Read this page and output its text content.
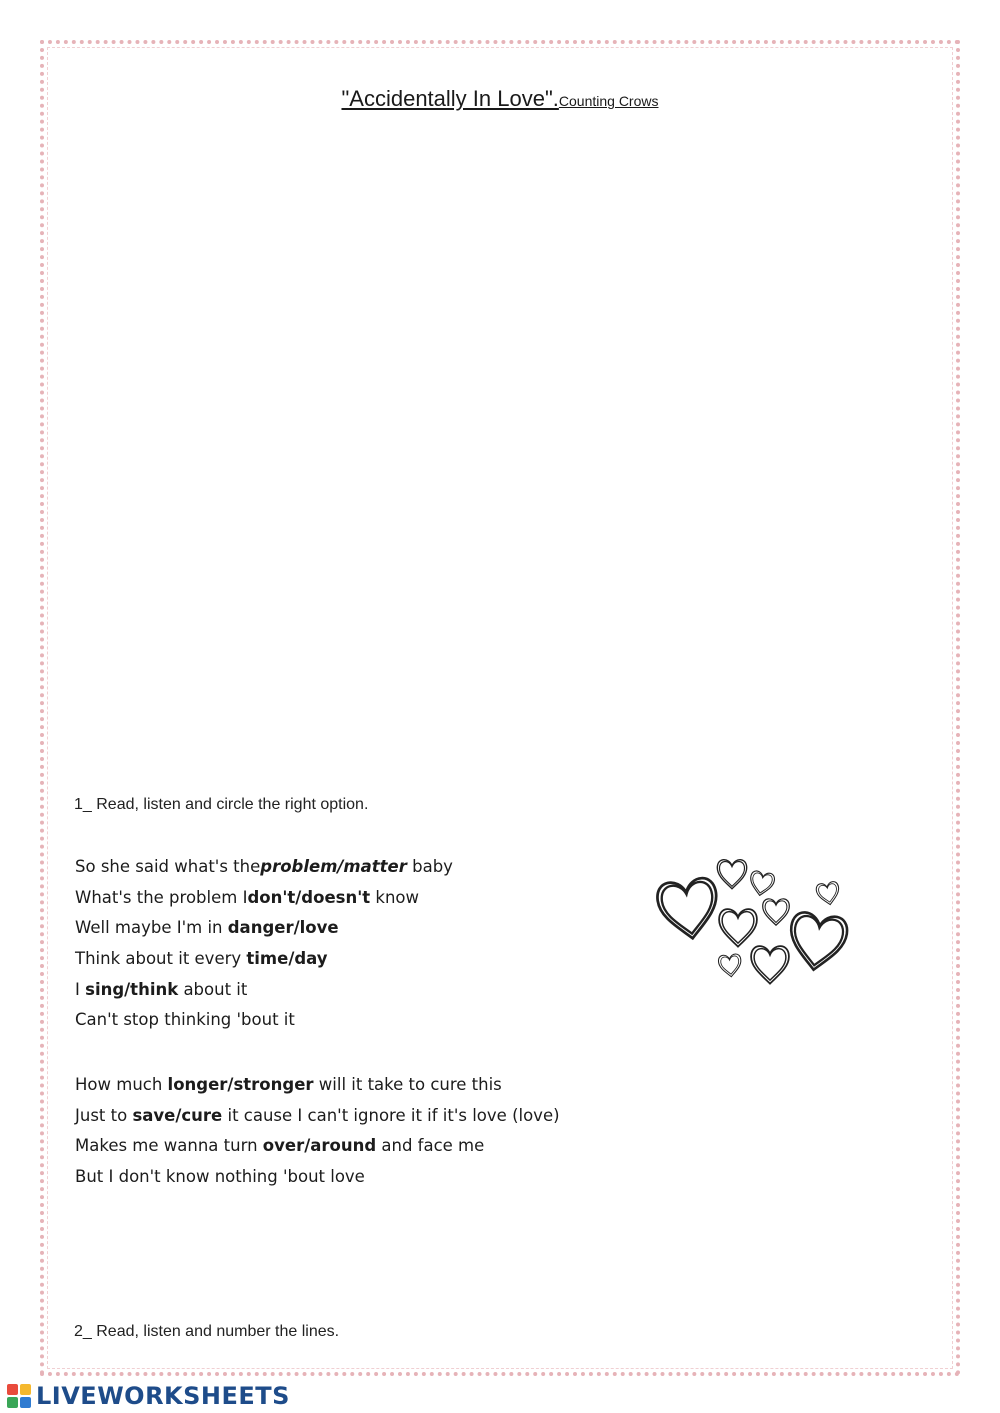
"Accidentally In Love".Counting Crows
1_ Read, listen and circle the right option.
So she said what's theproblem/matter baby
What's the problem Idon't/doesn't know
Well maybe I'm in danger/love
Think about it every time/day
I sing/think about it
Can't stop thinking 'bout it
How much longer/stronger will it take to cure this
Just to save/cure it cause I can't ignore it if it's love (love)
Makes me wanna turn over/around and face me
But I don't know nothing 'bout love
2_ Read, listen and number the lines.
LIVEWORKSHEETS
